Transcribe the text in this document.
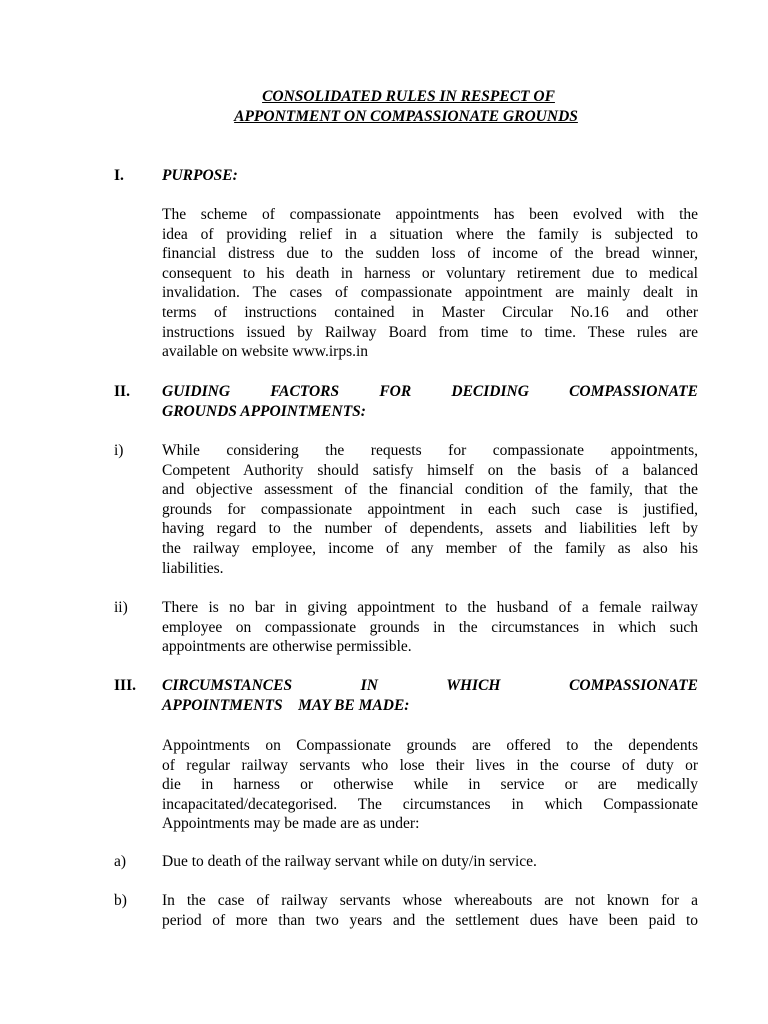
CONSOLIDATED RULES IN RESPECT OF
APPONTMENT ON COMPASSIONATE GROUNDS
I. PURPOSE:
The scheme of compassionate appointments has been evolved with the
idea of providing relief in a situation where the family is subjected to
financial distress due to the sudden loss of income of the bread winner,
consequent to his death in harness or voluntary retirement due to medical
invalidation. The cases of compassionate appointment are mainly dealt in
terms of instructions contained in Master Circular No.16 and other
instructions issued by Railway Board from time to time. These rules are
available on website www.irps.in
II. GUIDING FACTORS FOR DECIDING COMPASSIONATE
GROUNDS APPOINTMENTS:
i) While considering the requests for compassionate appointments,
Competent Authority should satisfy himself on the basis of a balanced
and objective assessment of the financial condition of the family, that the
grounds for compassionate appointment in each such case is justified,
having regard to the number of dependents, assets and liabilities left by
the railway employee, income of any member of the family as also his
liabilities.
ii) There is no bar in giving appointment to the husband of a female railway
employee on compassionate grounds in the circumstances in which such
appointments are otherwise permissible.
III. CIRCUMSTANCES IN WHICH COMPASSIONATE
APPOINTMENTS    MAY BE MADE:
Appointments on Compassionate grounds are offered to the dependents
of regular railway servants who lose their lives in the course of duty or
die in harness or otherwise while in service or are medically
incapacitated/decategorised. The circumstances in which Compassionate
Appointments may be made are as under:
a) Due to death of the railway servant while on duty/in service.
b) In the case of railway servants whose whereabouts are not known for a
period of more than two years and the settlement dues have been paid to
